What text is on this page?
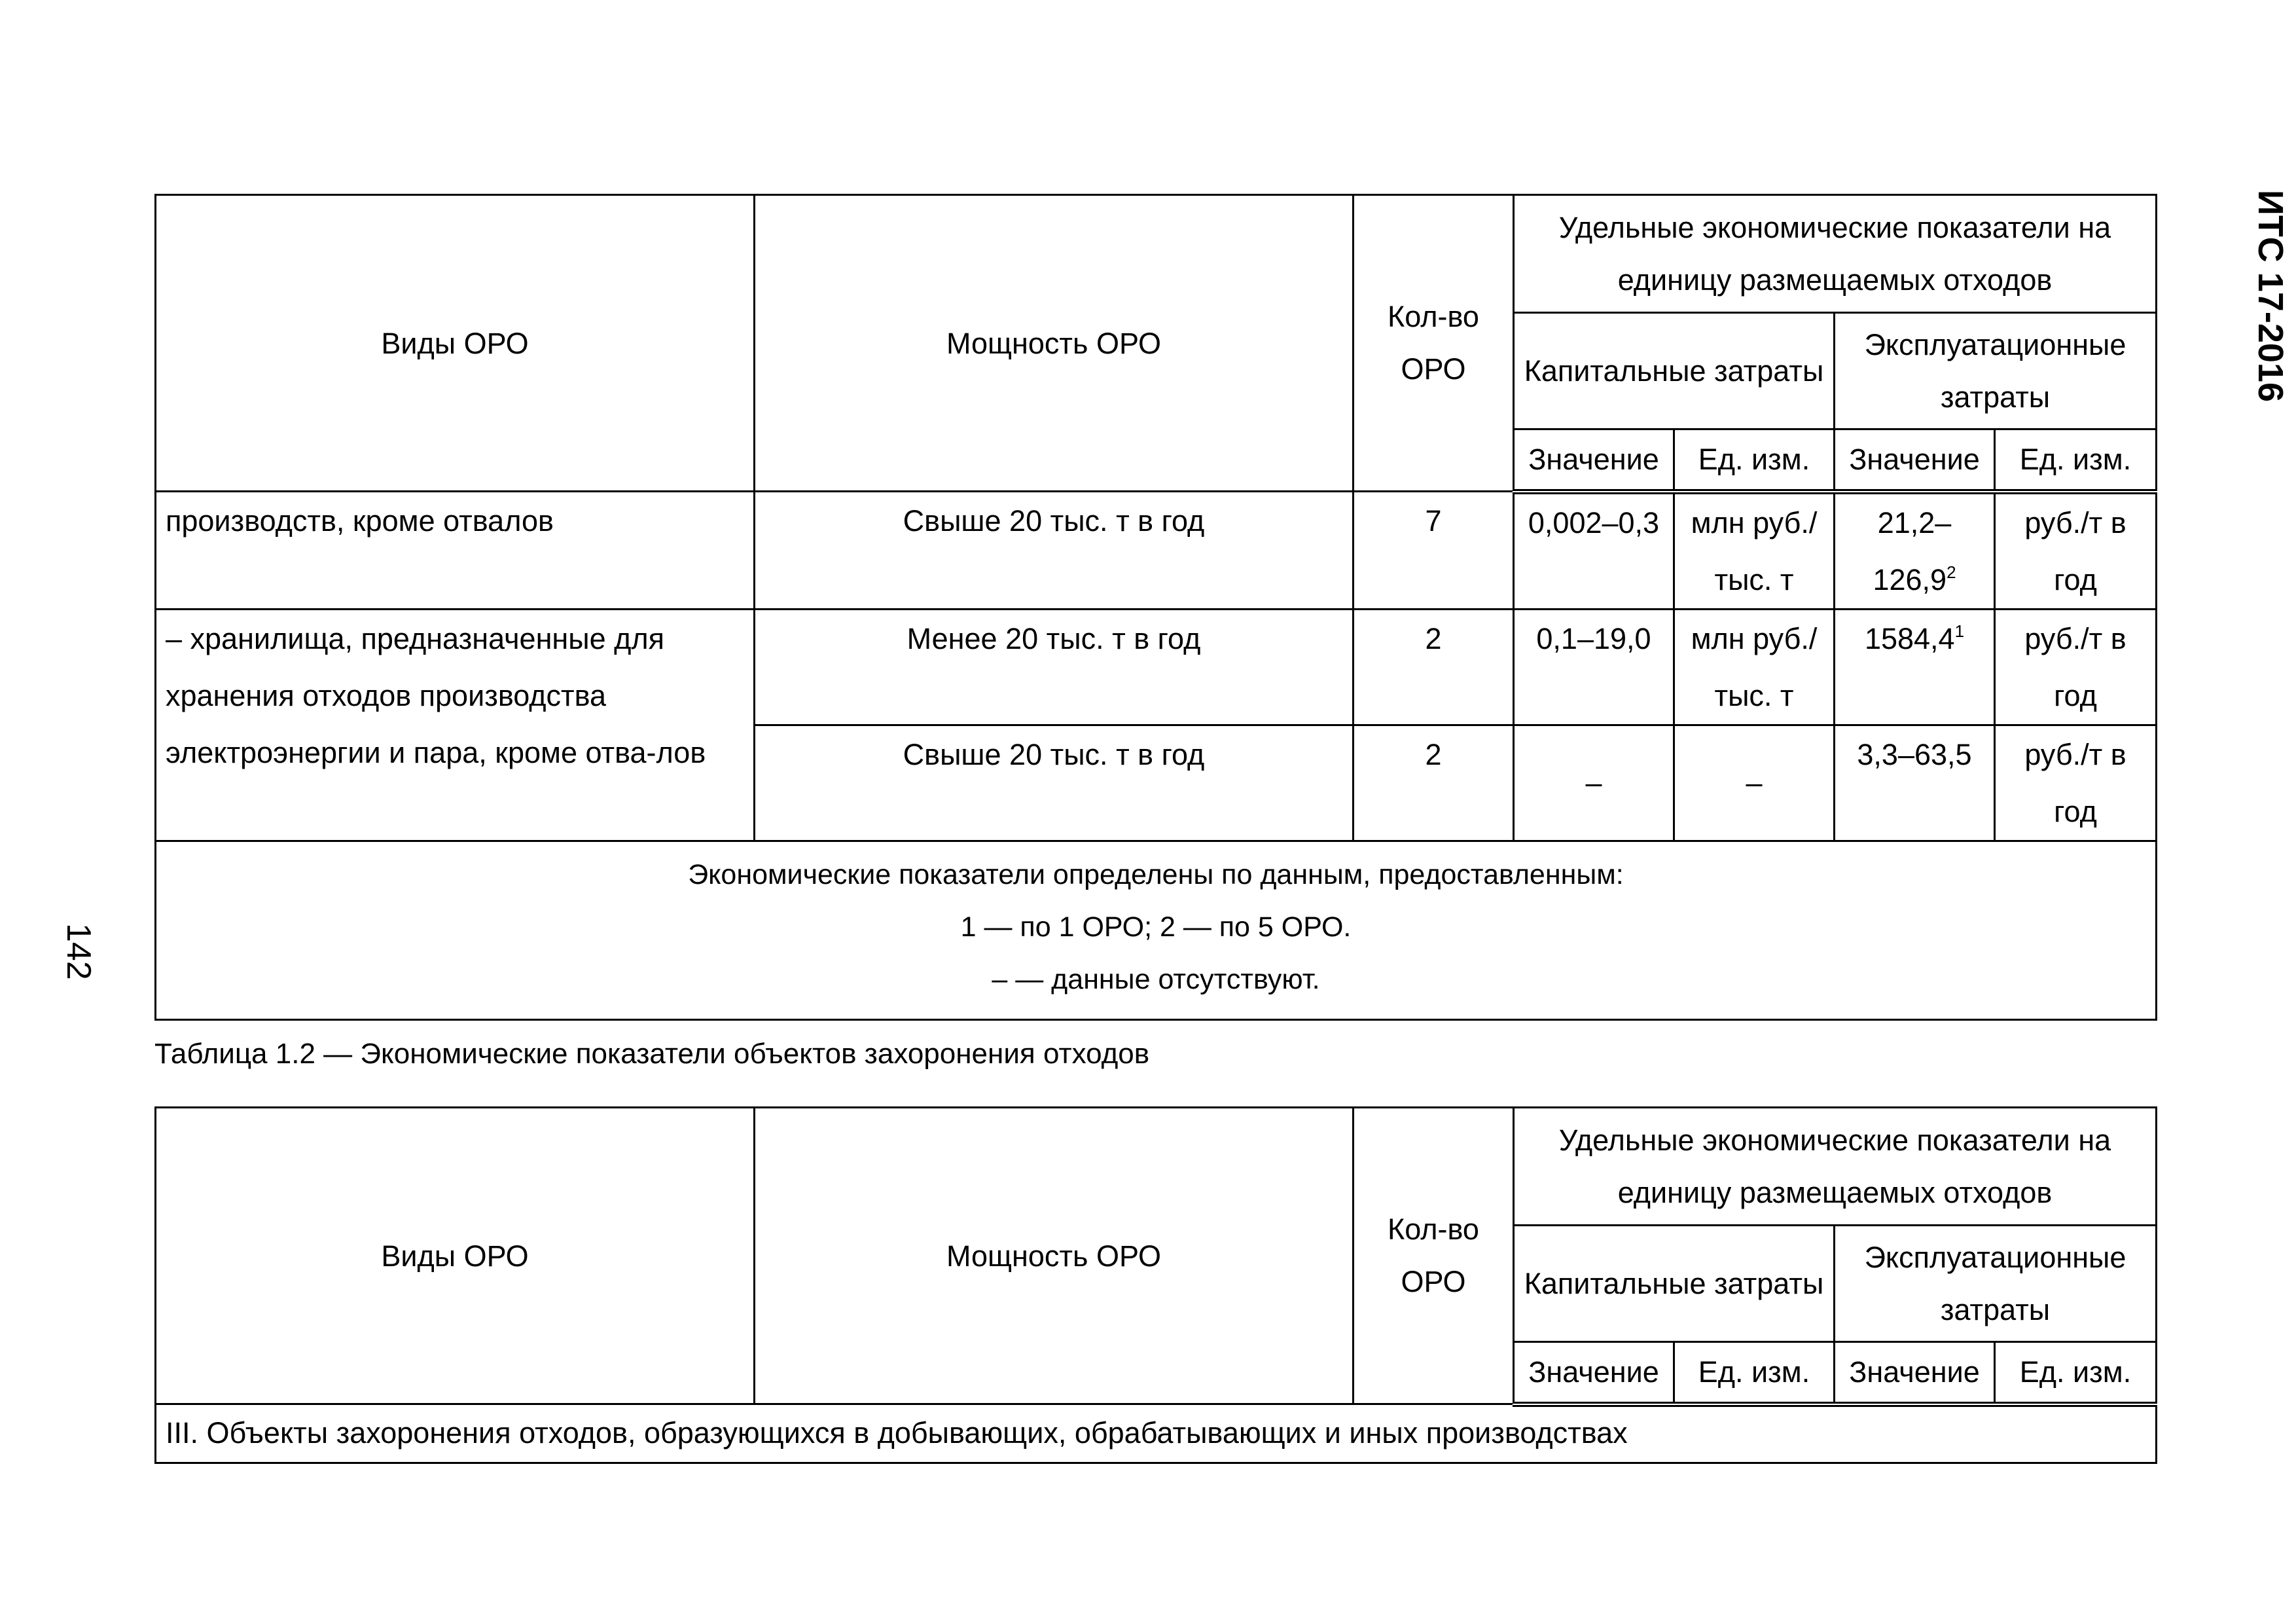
ИТС 17-2016
142
Виды ОРО	Мощность ОРО	Кол-во ОРО	Удельные экономические показатели на единицу размещаемых отходов			
			Капитальные затраты		Эксплуатационные затраты	
			Значение	Ед. изм.	Значение	Ед. изм.
производств, кроме отвалов	Свыше 20 тыс. т в год	7	0,002–0,3	млн руб./тыс. т	21,2–126,9$^2$	руб./т в год
– хранилища, предназначенные для хранения отходов производства электроэнергии и пара, кроме отва-лов	Менее 20 тыс. т в год	2	0,1–19,0	млн руб./тыс. т	1584,4$^1$	руб./т в год
	Свыше 20 тыс. т в год	2	–	–	3,3–63,5	руб./т в год

Экономические показатели определены по данным, предоставленным:
1 — по 1 ОРО; 2 — по 5 ОРО.
– — данные отсутствуют.						
Таблица 1.2 — Экономические показатели объектов захоронения отходов
Виды ОРО	Мощность ОРО	Кол-во ОРО	Удельные экономические показатели на единицу размещаемых отходов			
			Капитальные затраты		Эксплуатационные затраты	
			Значение	Ед. изм.	Значение	Ед. изм.
III. Объекты захоронения отходов, образующихся в добывающих, обрабатывающих и иных производствах						
